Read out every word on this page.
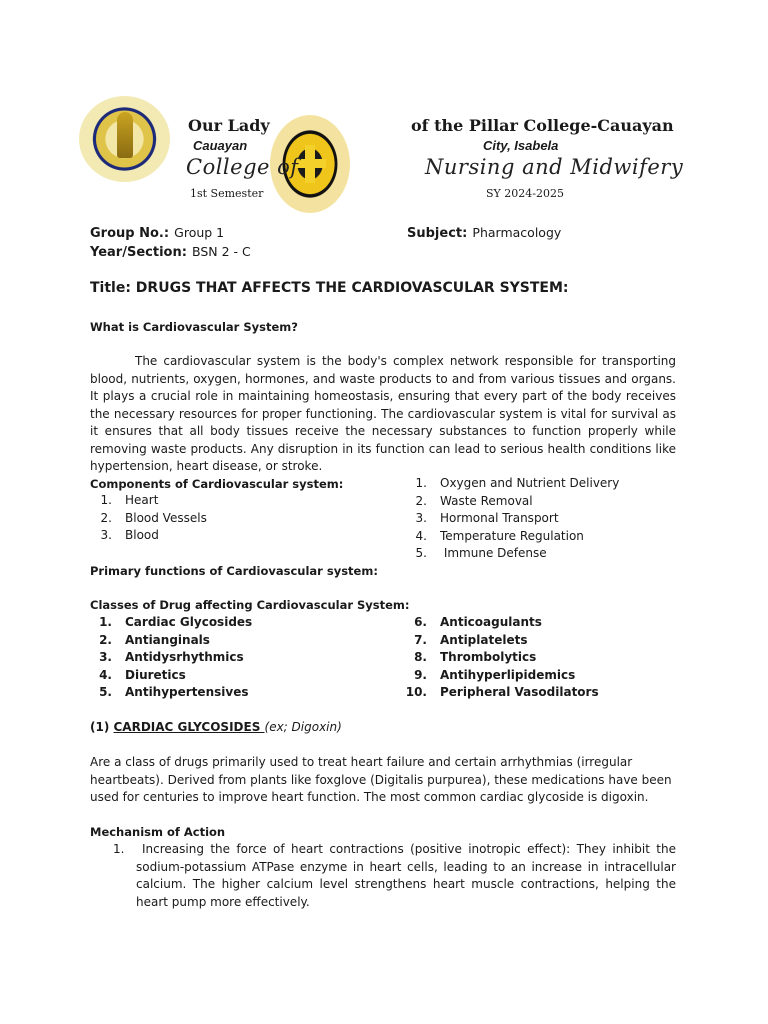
Our Lady	of the Pillar College-Cauayan
Cauayan	City, Isabela
College of	Nursing and Midwifery
1st Semester	SY 2024-2025
Group No.: Group 1
Year/Section: BSN 2 - C
Subject: Pharmacology
Title: DRUGS THAT AFFECTS THE CARDIOVASCULAR SYSTEM:
What is Cardiovascular System?
The cardiovascular system is the body's complex network responsible for transporting blood, nutrients, oxygen, hormones, and waste products to and from various tissues and organs. It plays a crucial role in maintaining homeostasis, ensuring that every part of the body receives the necessary resources for proper functioning. The cardiovascular system is vital for survival as it ensures that all body tissues receive the necessary substances to function properly while removing waste products. Any disruption in its function can lead to serious health conditions like hypertension, heart disease, or stroke.
Components of Cardiovascular system:
1. Heart
2. Blood Vessels
3. Blood
1. Oxygen and Nutrient Delivery
2. Waste Removal
3. Hormonal Transport
4. Temperature Regulation
5. Immune Defense
Primary functions of Cardiovascular system:
Classes of Drug affecting Cardiovascular System:
1. Cardiac Glycosides
2. Antianginals
3. Antidysrhythmics
4. Diuretics
5. Antihypertensives
6. Anticoagulants
7. Antiplatelets
8. Thrombolytics
9. Antihyperlipidemics
10. Peripheral Vasodilators
(1) CARDIAC GLYCOSIDES (ex; Digoxin)
Are a class of drugs primarily used to treat heart failure and certain arrhythmias (irregular heartbeats). Derived from plants like foxglove (Digitalis purpurea), these medications have been used for centuries to improve heart function. The most common cardiac glycoside is digoxin.
Mechanism of Action
1.	Increasing the force of heart contractions (positive inotropic effect): They inhibit the sodium-potassium ATPase enzyme in heart cells, leading to an increase in intracellular calcium. The higher calcium level strengthens heart muscle contractions, helping the heart pump more effectively.
